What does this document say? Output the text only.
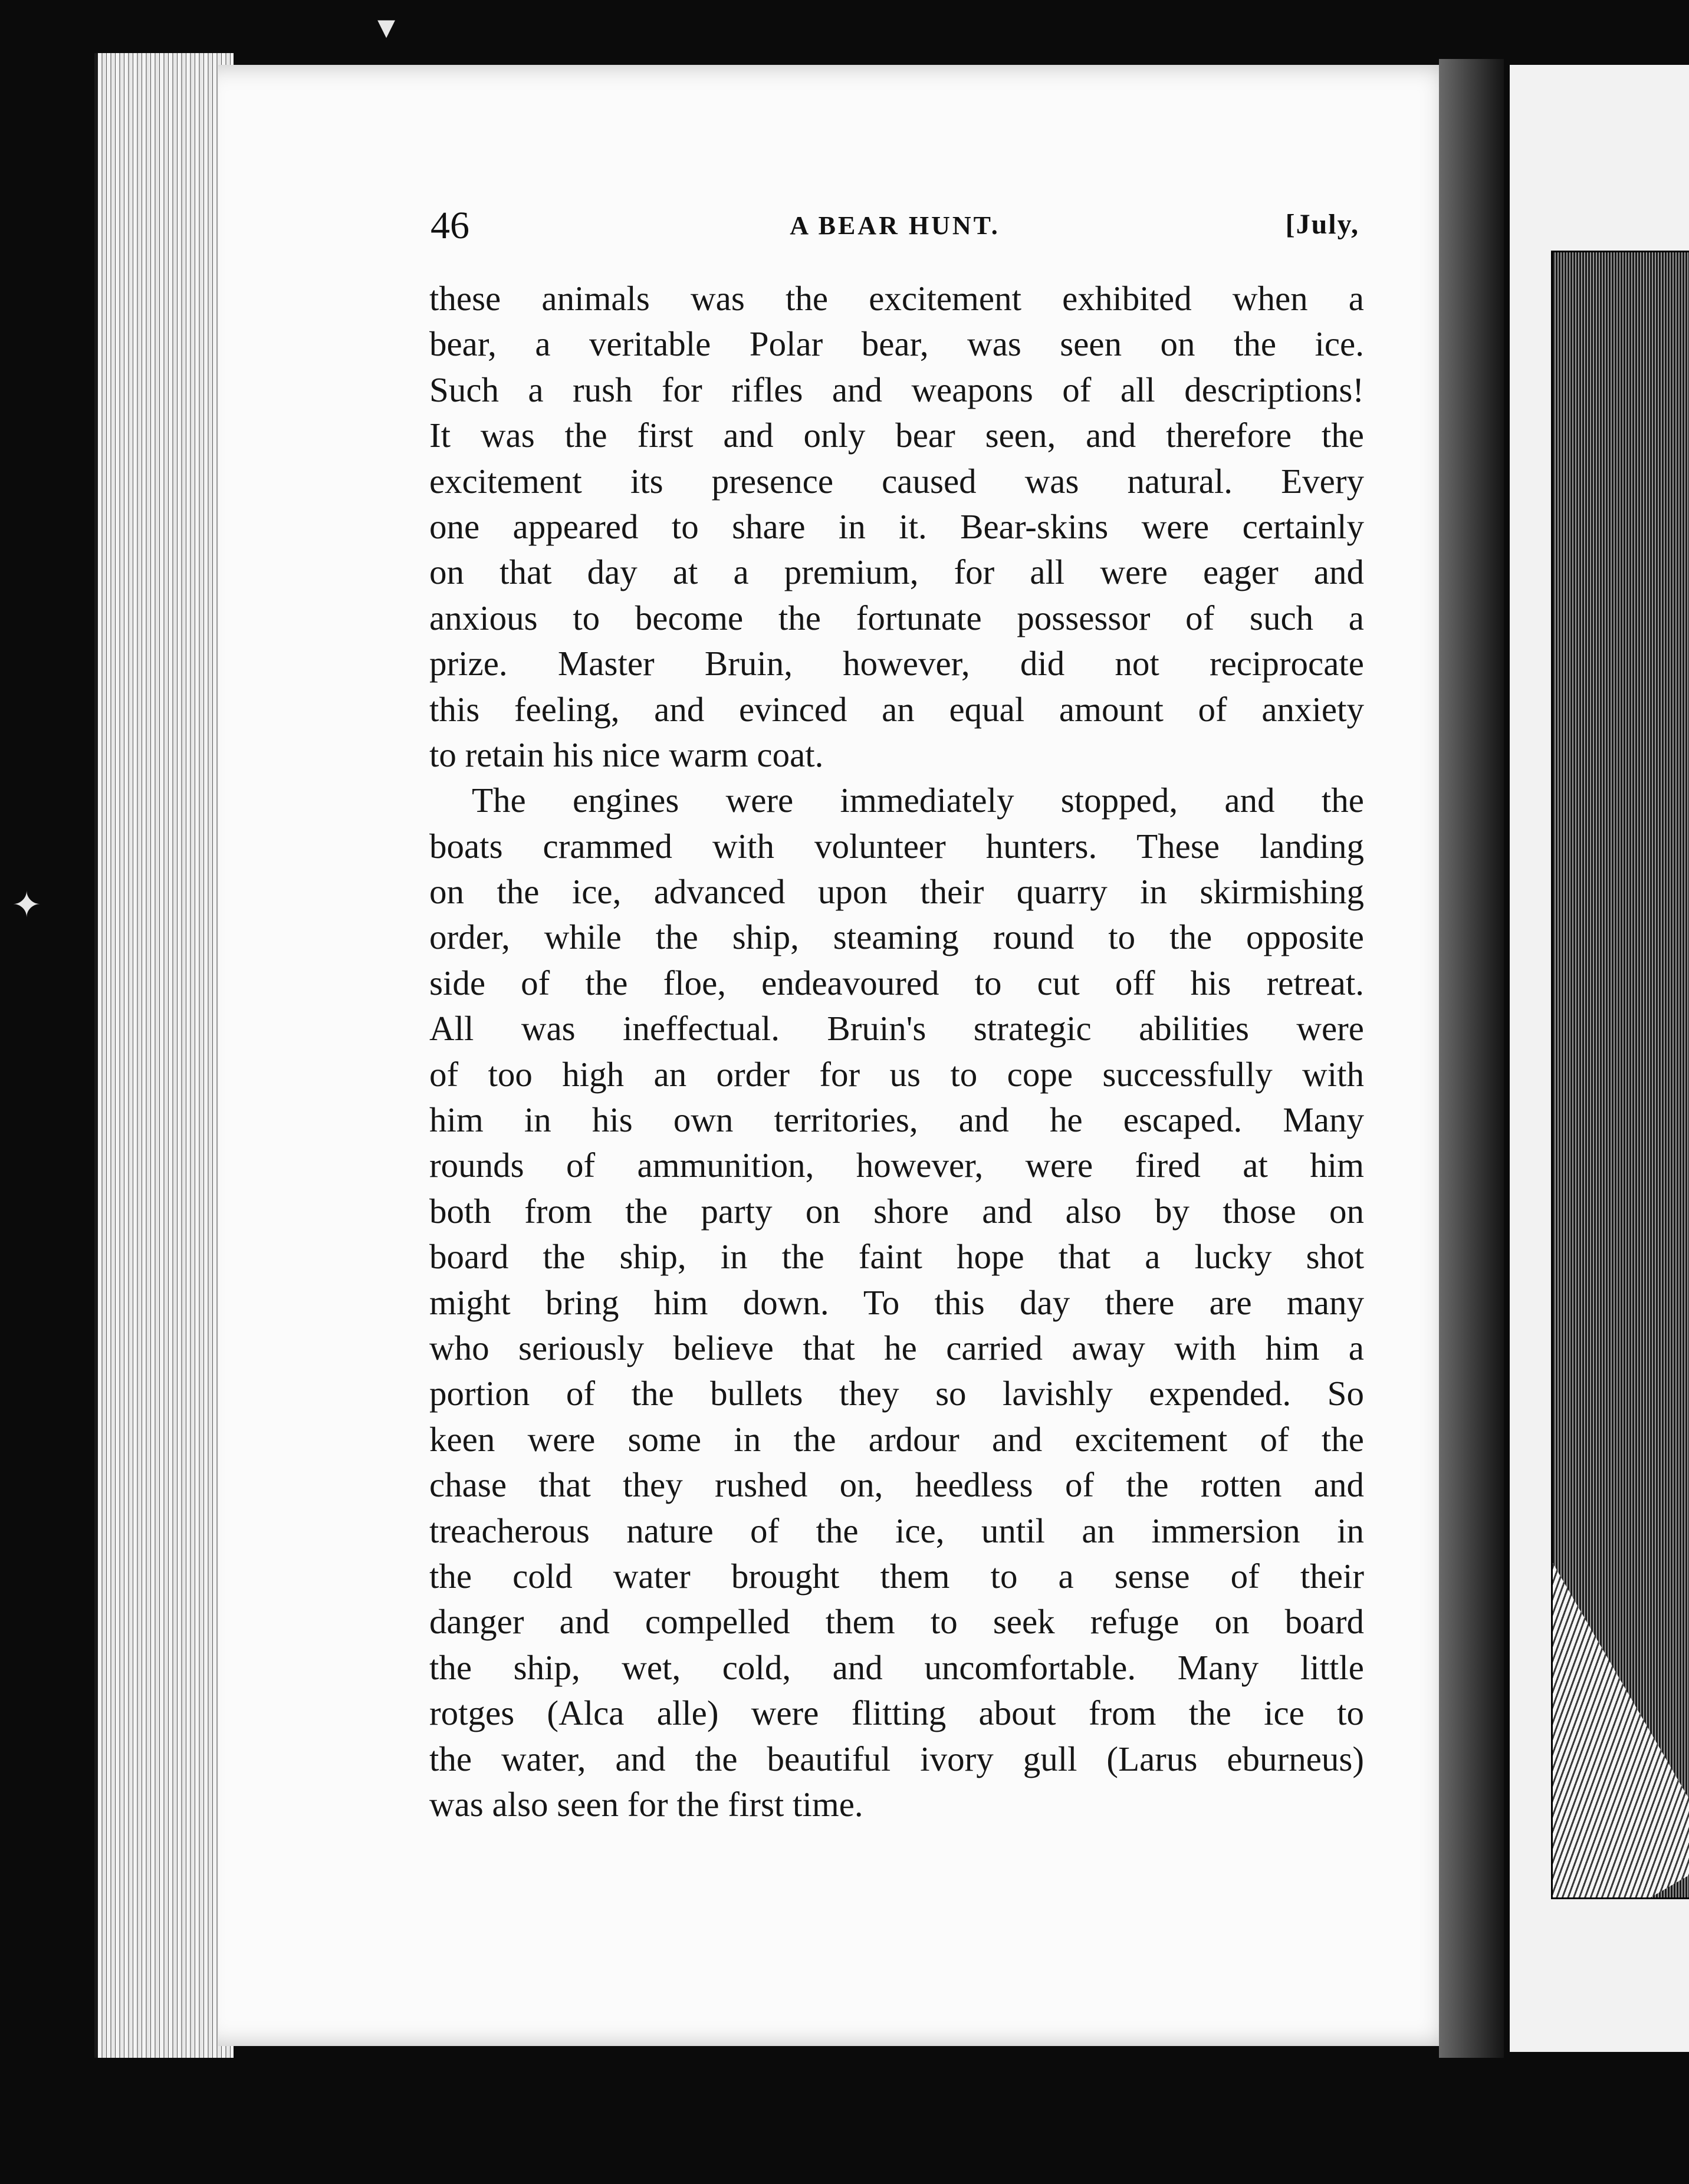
▾
✦
46	A BEAR HUNT.	[July,
these animals was the excitement exhibited when a
bear, a veritable Polar bear, was seen on the ice.
Such a rush for rifles and weapons of all descriptions!
It was the first and only bear seen, and therefore the
excitement its presence caused was natural. Every
one appeared to share in it. Bear-skins were certainly
on that day at a premium, for all were eager and
anxious to become the fortunate possessor of such a
prize. Master Bruin, however, did not reciprocate
this feeling, and evinced an equal amount of anxiety
to retain his nice warm coat.
The engines were immediately stopped, and the
boats crammed with volunteer hunters. These landing
on the ice, advanced upon their quarry in skirmishing
order, while the ship, steaming round to the opposite
side of the floe, endeavoured to cut off his retreat.
All was ineffectual. Bruin's strategic abilities were
of too high an order for us to cope successfully with
him in his own territories, and he escaped. Many
rounds of ammunition, however, were fired at him
both from the party on shore and also by those on
board the ship, in the faint hope that a lucky shot
might bring him down. To this day there are many
who seriously believe that he carried away with him a
portion of the bullets they so lavishly expended. So
keen were some in the ardour and excitement of the
chase that they rushed on, heedless of the rotten and
treacherous nature of the ice, until an immersion in
the cold water brought them to a sense of their
danger and compelled them to seek refuge on board
the ship, wet, cold, and uncomfortable. Many little
rotges (Alca alle) were flitting about from the ice to
the water, and the beautiful ivory gull (Larus eburneus)
was also seen for the first time.
